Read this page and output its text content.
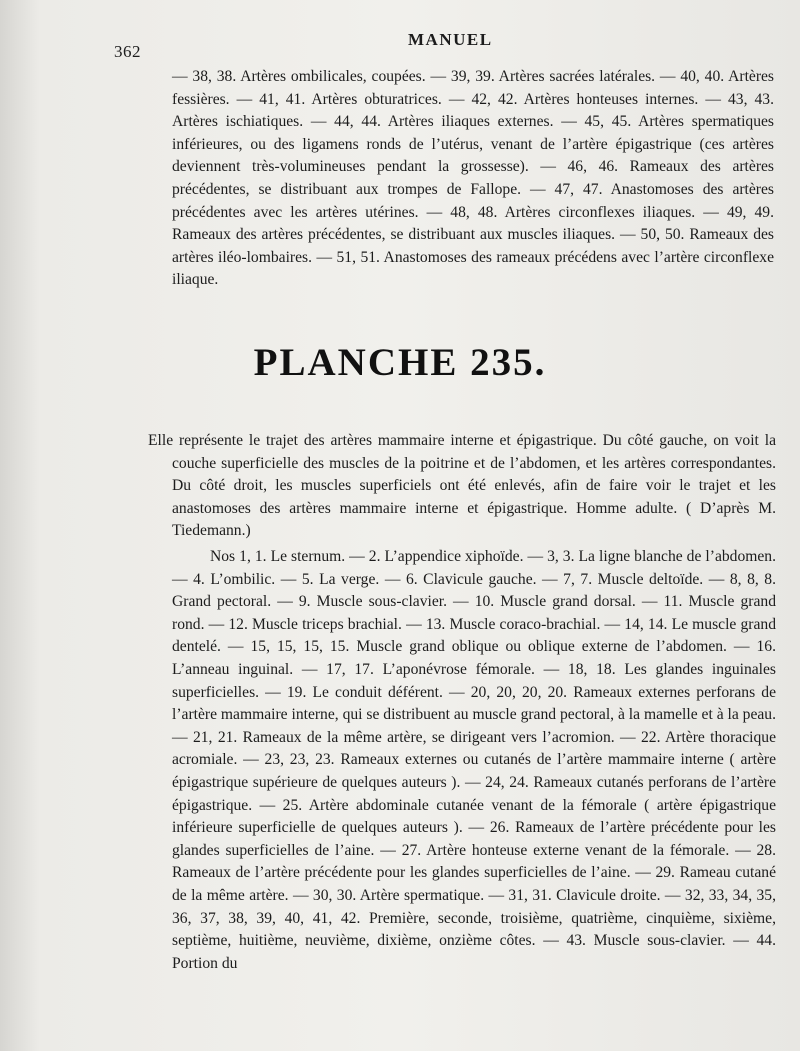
362
MANUEL

— 38, 38. Artères ombilicales, coupées. — 39, 39. Artères sacrées latérales. — 40, 40. Artères fessières. — 41, 41. Artères obturatrices. — 42, 42. Artères honteuses internes. — 43, 43. Artères ischiatiques. — 44, 44. Artères iliaques externes. — 45, 45. Artères spermatiques inférieures, ou des ligamens ronds de l’utérus, venant de l’artère épigastrique (ces artères deviennent très-volumineuses pendant la grossesse). — 46, 46. Rameaux des artères précédentes, se distribuant aux trompes de Fallope. — 47, 47. Anastomoses des artères précédentes avec les artères utérines. — 48, 48. Artères circonflexes iliaques. — 49, 49. Rameaux des artères précédentes, se distribuant aux muscles iliaques. — 50, 50. Rameaux des artères iléo-lombaires. — 51, 51. Anastomoses des rameaux précédens avec l’artère circonflexe iliaque.

PLANCHE 235.

Elle représente le trajet des artères mammaire interne et épigastrique. Du côté gauche, on voit la couche superficielle des muscles de la poitrine et de l’abdomen, et les artères correspondantes. Du côté droit, les muscles superficiels ont été enlevés, afin de faire voir le trajet et les anastomoses des artères mammaire interne et épigastrique. Homme adulte. ( D’après M. Tiedemann.)

Nos 1, 1. Le sternum. — 2. L’appendice xiphoïde. — 3, 3. La ligne blanche de l’abdomen. — 4. L’ombilic. — 5. La verge. — 6. Clavicule gauche. — 7, 7. Muscle deltoïde. — 8, 8, 8. Grand pectoral. — 9. Muscle sous-clavier. — 10. Muscle grand dorsal. — 11. Muscle grand rond. — 12. Muscle triceps brachial. — 13. Muscle coraco-brachial. — 14, 14. Le muscle grand dentelé. — 15, 15, 15, 15. Muscle grand oblique ou oblique externe de l’abdomen. — 16. L’anneau inguinal. — 17, 17. L’aponévrose fémorale. — 18, 18. Les glandes inguinales superficielles. — 19. Le conduit déférent. — 20, 20, 20, 20. Rameaux externes perforans de l’artère mammaire interne, qui se distribuent au muscle grand pectoral, à la mamelle et à la peau. — 21, 21. Rameaux de la même artère, se dirigeant vers l’acromion. — 22. Artère thoracique acromiale. — 23, 23, 23. Rameaux externes ou cutanés de l’artère mammaire interne ( artère épigastrique supérieure de quelques auteurs ). — 24, 24. Rameaux cutanés perforans de l’artère épigastrique. — 25. Artère abdominale cutanée venant de la fémorale ( artère épigastrique inférieure superficielle de quelques auteurs ). — 26. Rameaux de l’artère précédente pour les glandes superficielles de l’aine. — 27. Artère honteuse externe venant de la fémorale. — 28. Rameaux de l’artère précédente pour les glandes superficielles de l’aine. — 29. Rameau cutané de la même artère. — 30, 30. Artère spermatique. — 31, 31. Clavicule droite. — 32, 33, 34, 35, 36, 37, 38, 39, 40, 41, 42. Première, seconde, troisième, quatrième, cinquième, sixième, septième, huitième, neuvième, dixième, onzième côtes. — 43. Muscle sous-clavier. — 44. Portion du
